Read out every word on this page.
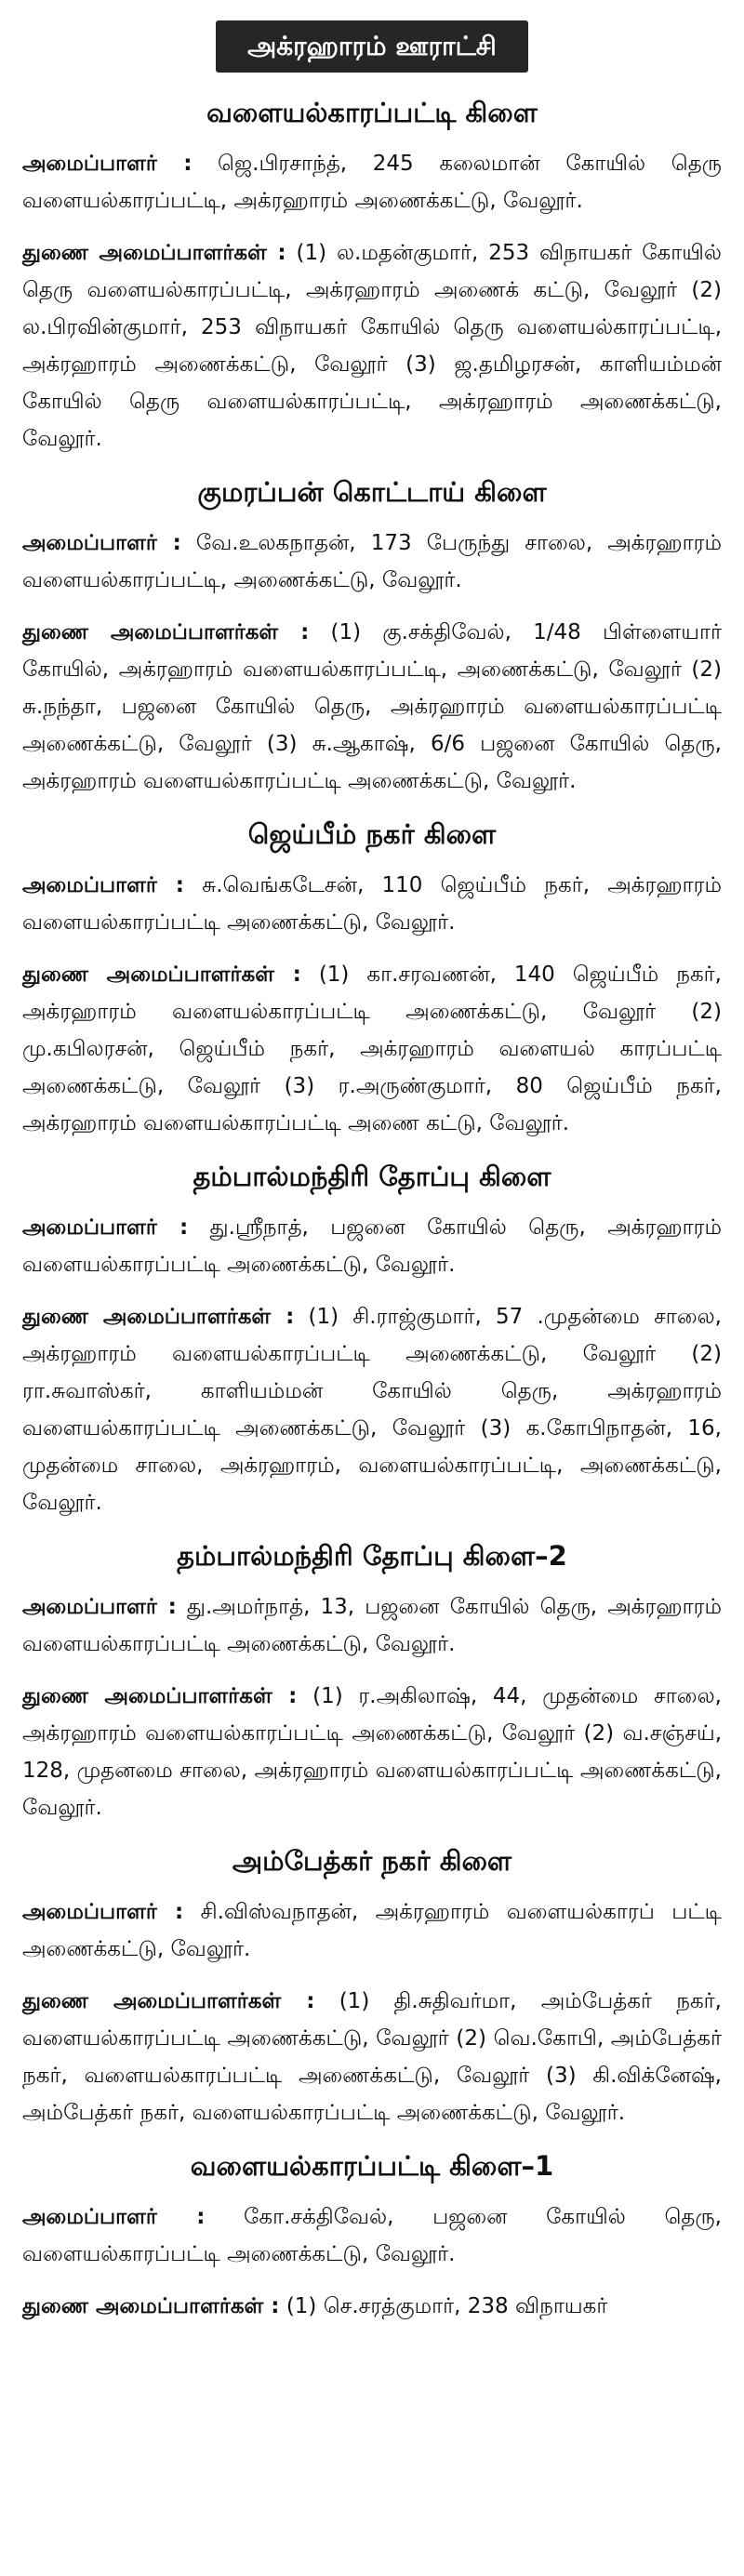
அக்ரஹாரம் ஊராட்சி
வளையல்காரப்பட்டி கிளை

அமைப்பாளர் : ஜெ.பிரசாந்த், 245 கலைமான் கோயில் தெரு வளையல்காரப்பட்டி, அக்ரஹாரம் அணைக்கட்டு, வேலூர்.

துணை அமைப்பாளர்கள் : (1) ல.மதன்குமார், 253 விநாயகர் கோயில் தெரு வளையல்காரப்பட்டி, அக்ரஹாரம் அணைக் கட்டு, வேலூர் (2) ல.பிரவின்குமார், 253 விநாயகர் கோயில் தெரு வளையல்காரப்பட்டி, அக்ரஹாரம் அணைக்கட்டு, வேலூர் (3) ஜ.தமிழரசன், காளியம்மன் கோயில் தெரு வளையல்காரப்பட்டி, அக்ரஹாரம் அணைக்கட்டு, வேலூர்.

குமரப்பன் கொட்டாய் கிளை

அமைப்பாளர் : வே.உலகநாதன், 173 பேருந்து சாலை, அக்ரஹாரம் வளையல்காரப்பட்டி, அணைக்கட்டு, வேலூர்.

துணை அமைப்பாளர்கள் : (1) கு.சக்திவேல், 1/48 பிள்ளையார் கோயில், அக்ரஹாரம் வளையல்காரப்பட்டி, அணைக்கட்டு, வேலூர் (2) சு.நந்தா, பஜனை கோயில் தெரு, அக்ரஹாரம் வளையல்காரப்பட்டி அணைக்கட்டு, வேலூர் (3) சு.ஆகாஷ், 6/6 பஜனை கோயில் தெரு, அக்ரஹாரம் வளையல்காரப்பட்டி அணைக்கட்டு, வேலூர்.

ஜெய்பீம் நகர் கிளை

அமைப்பாளர் : சு.வெங்கடேசன், 110 ஜெய்பீம் நகர், அக்ரஹாரம் வளையல்காரப்பட்டி அணைக்கட்டு, வேலூர்.

துணை அமைப்பாளர்கள் : (1) கா.சரவணன், 140 ஜெய்பீம் நகர், அக்ரஹாரம் வளையல்காரப்பட்டி அணைக்கட்டு, வேலூர் (2) மு.கபிலரசன், ஜெய்பீம் நகர், அக்ரஹாரம் வளையல் காரப்பட்டி அணைக்கட்டு, வேலூர் (3) ர.அருண்குமார், 80 ஜெய்பீம் நகர், அக்ரஹாரம் வளையல்காரப்பட்டி அணை கட்டு, வேலூர்.

தம்பால்மந்திரி தோப்பு கிளை

அமைப்பாளர் : து.ஸ்ரீநாத், பஜனை கோயில் தெரு, அக்ரஹாரம் வளையல்காரப்பட்டி அணைக்கட்டு, வேலூர்.

துணை அமைப்பாளர்கள் : (1) சி.ராஜ்குமார், 57 .முதன்மை சாலை, அக்ரஹாரம் வளையல்காரப்பட்டி அணைக்கட்டு, வேலூர் (2) ரா.சுவாஸ்கர், காளியம்மன் கோயில் தெரு, அக்ரஹாரம் வளையல்காரப்பட்டி அணைக்கட்டு, வேலூர் (3) க.கோபிநாதன், 16, முதன்மை சாலை, அக்ரஹாரம், வளையல்காரப்பட்டி, அணைக்கட்டு, வேலூர்.

தம்பால்மந்திரி தோப்பு கிளை–2

அமைப்பாளர் : து.அமர்நாத், 13, பஜனை கோயில் தெரு, அக்ரஹாரம் வளையல்காரப்பட்டி அணைக்கட்டு, வேலூர்.

துணை அமைப்பாளர்கள் : (1) ர.அகிலாஷ், 44, முதன்மை சாலை, அக்ரஹாரம் வளையல்காரப்பட்டி அணைக்கட்டு, வேலூர் (2) வ.சஞ்சய், 128, முதனமை சாலை, அக்ரஹாரம் வளையல்காரப்பட்டி அணைக்கட்டு, வேலூர்.

அம்பேத்கர் நகர் கிளை

அமைப்பாளர் : சி.விஸ்வநாதன், அக்ரஹாரம் வளையல்காரப் பட்டி அணைக்கட்டு, வேலூர்.

துணை அமைப்பாளர்கள் : (1) தி.சுதிவர்மா, அம்பேத்கர் நகர், வளையல்காரப்பட்டி அணைக்கட்டு, வேலூர் (2) வெ.கோபி, அம்பேத்கர் நகர், வளையல்காரப்பட்டி அணைக்கட்டு, வேலூர் (3) கி.விக்னேஷ், அம்பேத்கர் நகர், வளையல்காரப்பட்டி அணைக்கட்டு, வேலூர்.

வளையல்காரப்பட்டி கிளை–1

அமைப்பாளர் : கோ.சக்திவேல், பஜனை கோயில் தெரு, வளையல்காரப்பட்டி அணைக்கட்டு, வேலூர்.

துணை அமைப்பாளர்கள் : (1) செ.சரத்குமார், 238 விநாயகர்
